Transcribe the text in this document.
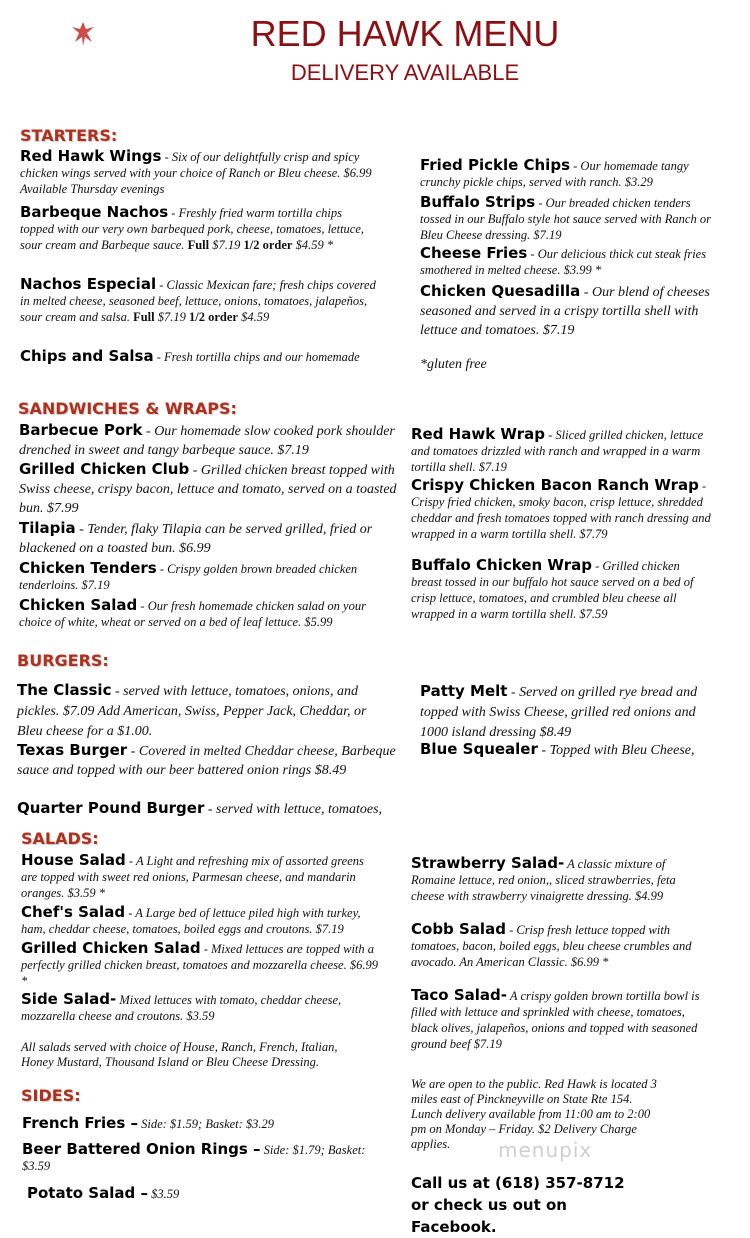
RED HAWK MENU
DELIVERY AVAILABLE
STARTERS:
Red Hawk Wings - Six of our delightfully crisp and spicy chicken wings served with your choice of Ranch or Bleu cheese. $6.99 Available Thursday evenings
Barbeque Nachos - Freshly fried warm tortilla chips topped with our very own barbequed pork, cheese, tomatoes, lettuce, sour cream and Barbeque sauce. Full $7.19 1/2 order $4.59 *
Nachos Especial - Classic Mexican fare; fresh chips covered in melted cheese, seasoned beef, lettuce, onions, tomatoes, jalapeños, sour cream and salsa. Full $7.19 1/2 order $4.59
Chips and Salsa - Fresh tortilla chips and our homemade
Fried Pickle Chips - Our homemade tangy crunchy pickle chips, served with ranch. $3.29
Buffalo Strips - Our breaded chicken tenders tossed in our Buffalo style hot sauce served with Ranch or Bleu Cheese dressing. $7.19
Cheese Fries - Our delicious thick cut steak fries smothered in melted cheese. $3.99 *
Chicken Quesadilla - Our blend of cheeses seasoned and served in a crispy tortilla shell with lettuce and tomatoes. $7.19
*gluten free
SANDWICHES & WRAPS:
Barbecue Pork - Our homemade slow cooked pork shoulder drenched in sweet and tangy barbeque sauce. $7.19
Grilled Chicken Club - Grilled chicken breast topped with Swiss cheese, crispy bacon, lettuce and tomato, served on a toasted bun. $7.99
Tilapia - Tender, flaky Tilapia can be served grilled, fried or blackened on a toasted bun. $6.99
Chicken Tenders - Crispy golden brown breaded chicken tenderloins. $7.19
Chicken Salad - Our fresh homemade chicken salad on your choice of white, wheat or served on a bed of leaf lettuce. $5.99
Red Hawk Wrap - Sliced grilled chicken, lettuce and tomatoes drizzled with ranch and wrapped in a warm tortilla shell. $7.19
Crispy Chicken Bacon Ranch Wrap - Crispy fried chicken, smoky bacon, crisp lettuce, shredded cheddar and fresh tomatoes topped with ranch dressing and wrapped in a warm tortilla shell. $7.79
Buffalo Chicken Wrap - Grilled chicken breast tossed in our buffalo hot sauce served on a bed of crisp lettuce, tomatoes, and crumbled bleu cheese all wrapped in a warm tortilla shell. $7.59
BURGERS:
The Classic - served with lettuce, tomatoes, onions, and pickles. $7.09 Add American, Swiss, Pepper Jack, Cheddar, or Bleu cheese for a $1.00.
Texas Burger - Covered in melted Cheddar cheese, Barbeque sauce and topped with our beer battered onion rings $8.49
Quarter Pound Burger - served with lettuce, tomatoes,
Patty Melt - Served on grilled rye bread and topped with Swiss Cheese, grilled red onions and 1000 island dressing $8.49
Blue Squealer - Topped with Bleu Cheese,
SALADS:
House Salad - A Light and refreshing mix of assorted greens are topped with sweet red onions, Parmesan cheese, and mandarin oranges. $3.59 *
Chef's Salad - A Large bed of lettuce piled high with turkey, ham, cheddar cheese, tomatoes, boiled eggs and croutons. $7.19
Grilled Chicken Salad - Mixed lettuces are topped with a perfectly grilled chicken breast, tomatoes and mozzarella cheese. $6.99 *
Side Salad- Mixed lettuces with tomato, cheddar cheese, mozzarella cheese and croutons. $3.59
All salads served with choice of House, Ranch, French, Italian, Honey Mustard, Thousand Island or Bleu Cheese Dressing.
Strawberry Salad- A classic mixture of Romaine lettuce, red onion,, sliced strawberries, feta cheese with strawberry vinaigrette dressing. $4.99
Cobb Salad - Crisp fresh lettuce topped with tomatoes, bacon, boiled eggs, bleu cheese crumbles and avocado. An American Classic. $6.99 *
Taco Salad- A crispy golden brown tortilla bowl is filled with lettuce and sprinkled with cheese, tomatoes, black olives, jalapeños, onions and topped with seasoned ground beef $7.19
SIDES:
French Fries – Side: $1.59; Basket: $3.29
Beer Battered Onion Rings – Side: $1.79; Basket: $3.59
Potato Salad – $3.59
We are open to the public. Red Hawk is located 3 miles east of Pinckneyville on State Rte 154. Lunch delivery available from 11:00 am to 2:00 pm on Monday – Friday. $2 Delivery Charge applies.	menupix
Call us at (618) 357-8712 or check us out on Facebook.
